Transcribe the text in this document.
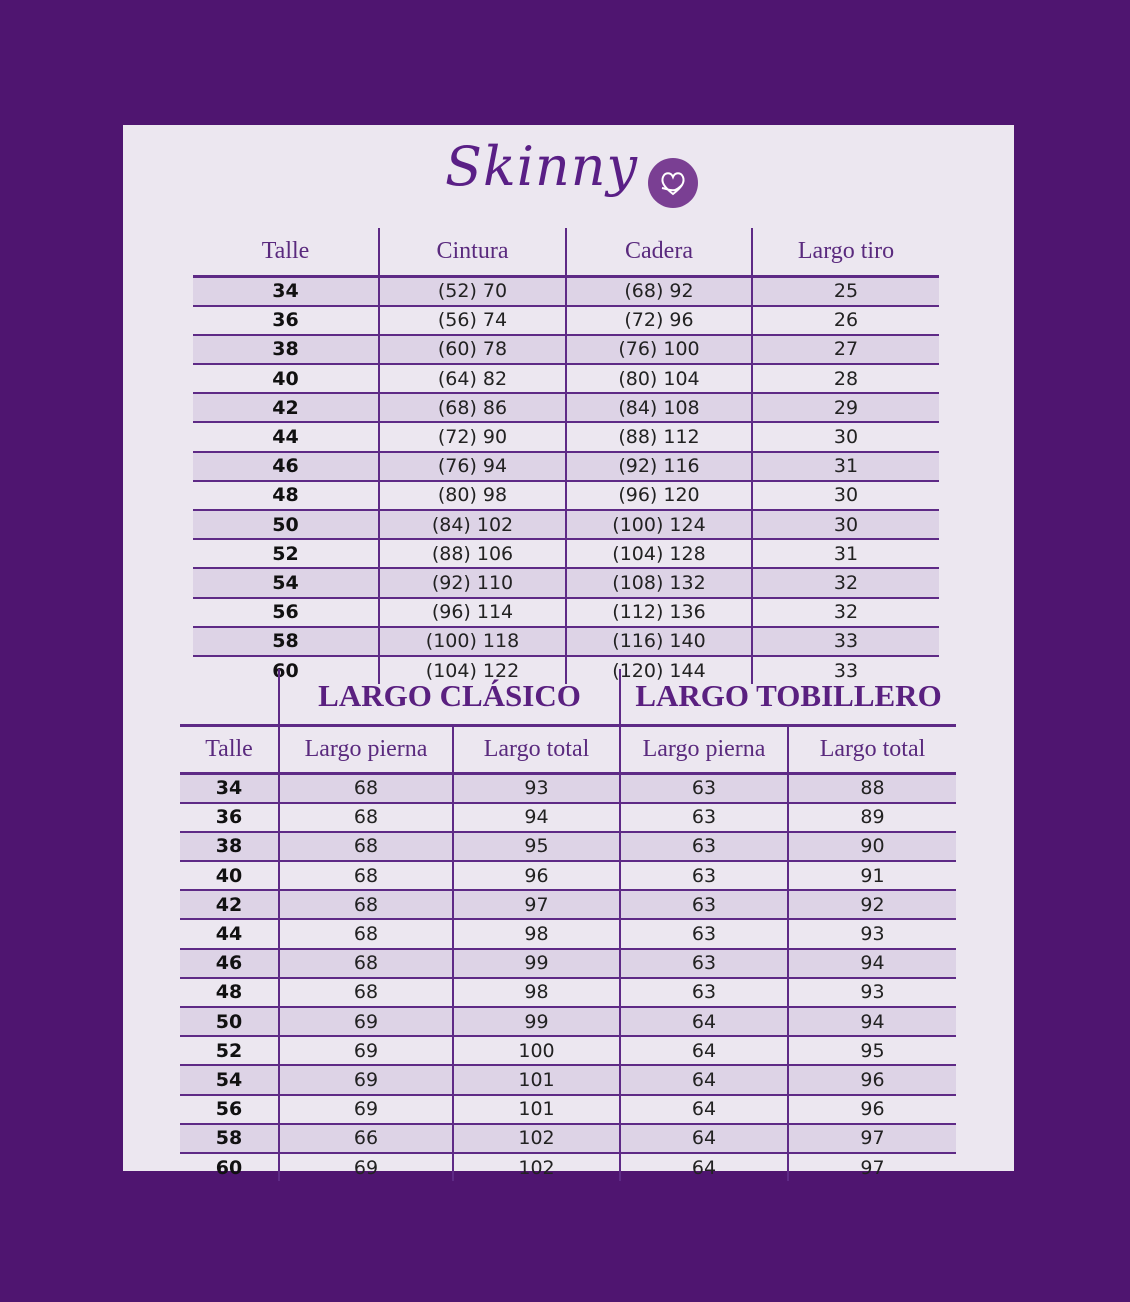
Skinny
Talle	Cintura	Cadera	Largo tiro
34	(52) 70	(68) 92	25
36	(56) 74	(72) 96	26
38	(60) 78	(76) 100	27
40	(64) 82	(80) 104	28
42	(68) 86	(84) 108	29
44	(72) 90	(88) 112	30
46	(76) 94	(92) 116	31
48	(80) 98	(96) 120	30
50	(84) 102	(100) 124	30
52	(88) 106	(104) 128	31
54	(92) 110	(108) 132	32
56	(96) 114	(112) 136	32
58	(100) 118	(116) 140	33
60	(104) 122	(120) 144	33
	LARGO CLÁSICO		LARGO TOBILLERO	
Talle	Largo pierna	Largo total	Largo pierna	Largo total
34	68	93	63	88
36	68	94	63	89
38	68	95	63	90
40	68	96	63	91
42	68	97	63	92
44	68	98	63	93
46	68	99	63	94
48	68	98	63	93
50	69	99	64	94
52	69	100	64	95
54	69	101	64	96
56	69	101	64	96
58	66	102	64	97
60	69	102	64	97
